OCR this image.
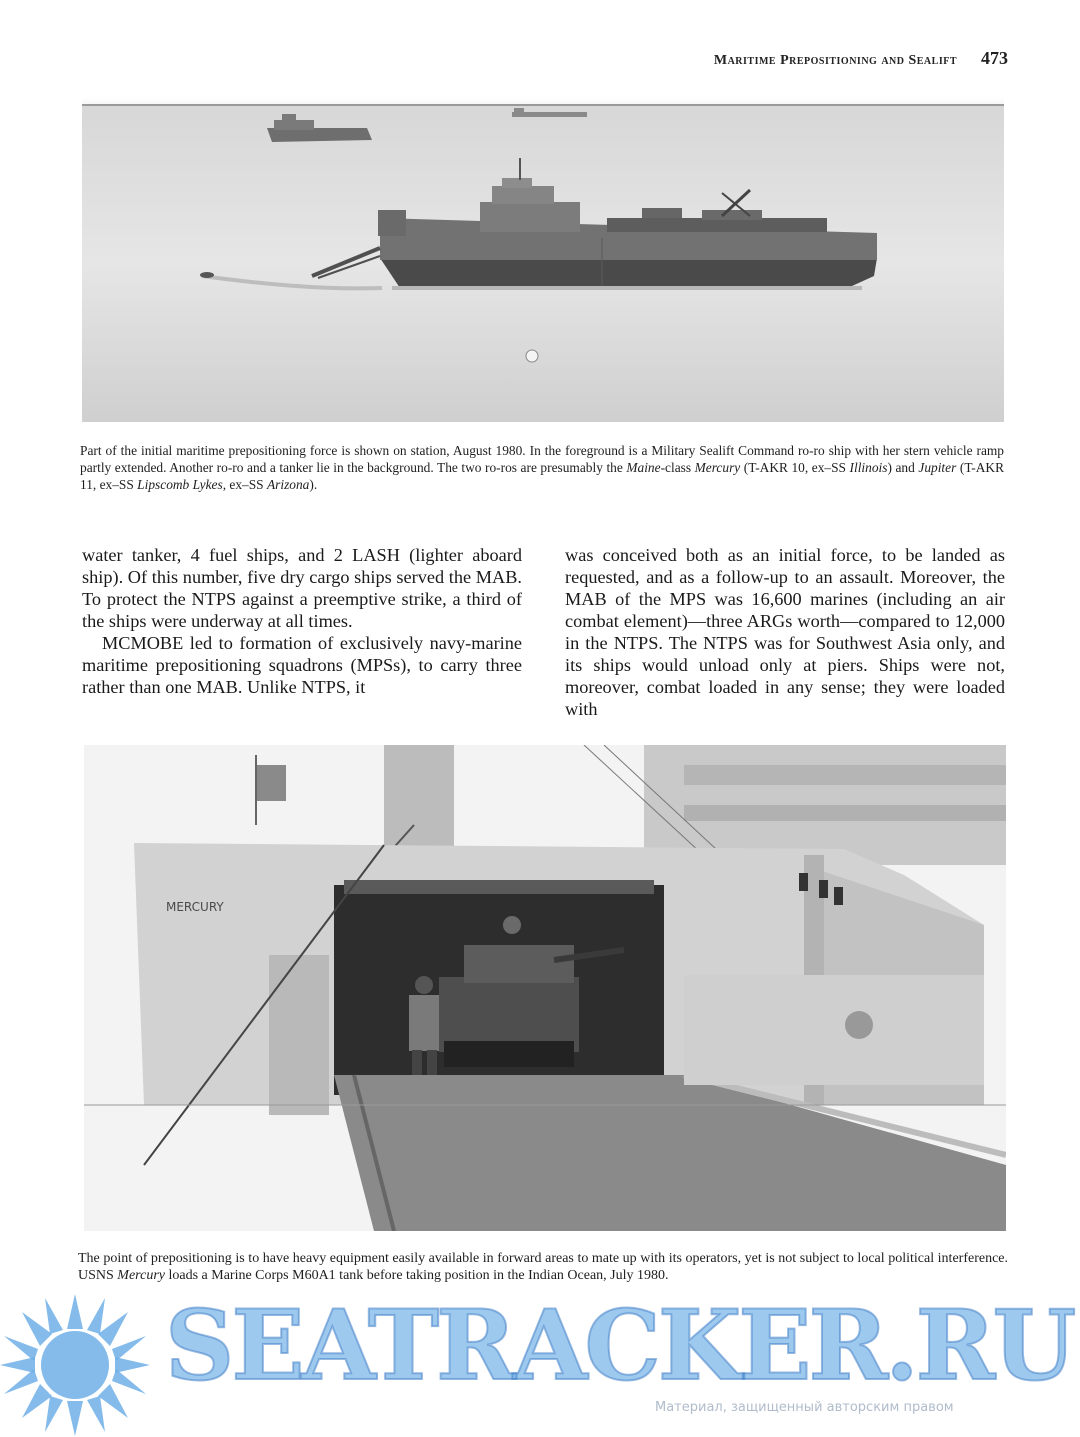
Maritime Prepositioning and Sealift 473
Part of the initial maritime prepositioning force is shown on station, August 1980. In the foreground is a Military Sealift Command ro-ro ship with her stern vehicle ramp partly extended. Another ro-ro and a tanker lie in the background. The two ro-ros are presumably the Maine-class Mercury (T-AKR 10, ex–SS Illinois) and Jupiter (T-AKR 11, ex–SS Lipscomb Lykes, ex–SS Arizona).

water tanker, 4 fuel ships, and 2 LASH (lighter aboard ship). Of this number, five dry cargo ships served the MAB. To protect the NTPS against a preemptive strike, a third of the ships were underway at all times.

MCMOBE led to formation of exclusively navy-marine maritime prepositioning squadrons (MPSs), to carry three rather than one MAB. Unlike NTPS, it

was conceived both as an initial force, to be landed as requested, and as a follow-up to an assault. Moreover, the MAB of the MPS was 16,600 marines (including an air combat element)—three ARGs worth—compared to 12,000 in the NTPS. The NTPS was for Southwest Asia only, and its ships would unload only at piers. Ships were not, moreover, combat loaded in any sense; they were loaded with

MERCURY
The point of prepositioning is to have heavy equipment easily available in forward areas to mate up with its operators, yet is not subject to local political interference. USNS Mercury loads a Marine Corps M60A1 tank before taking position in the Indian Ocean, July 1980.
SEATRACKER.RU
Материал, защищенный авторским правом
